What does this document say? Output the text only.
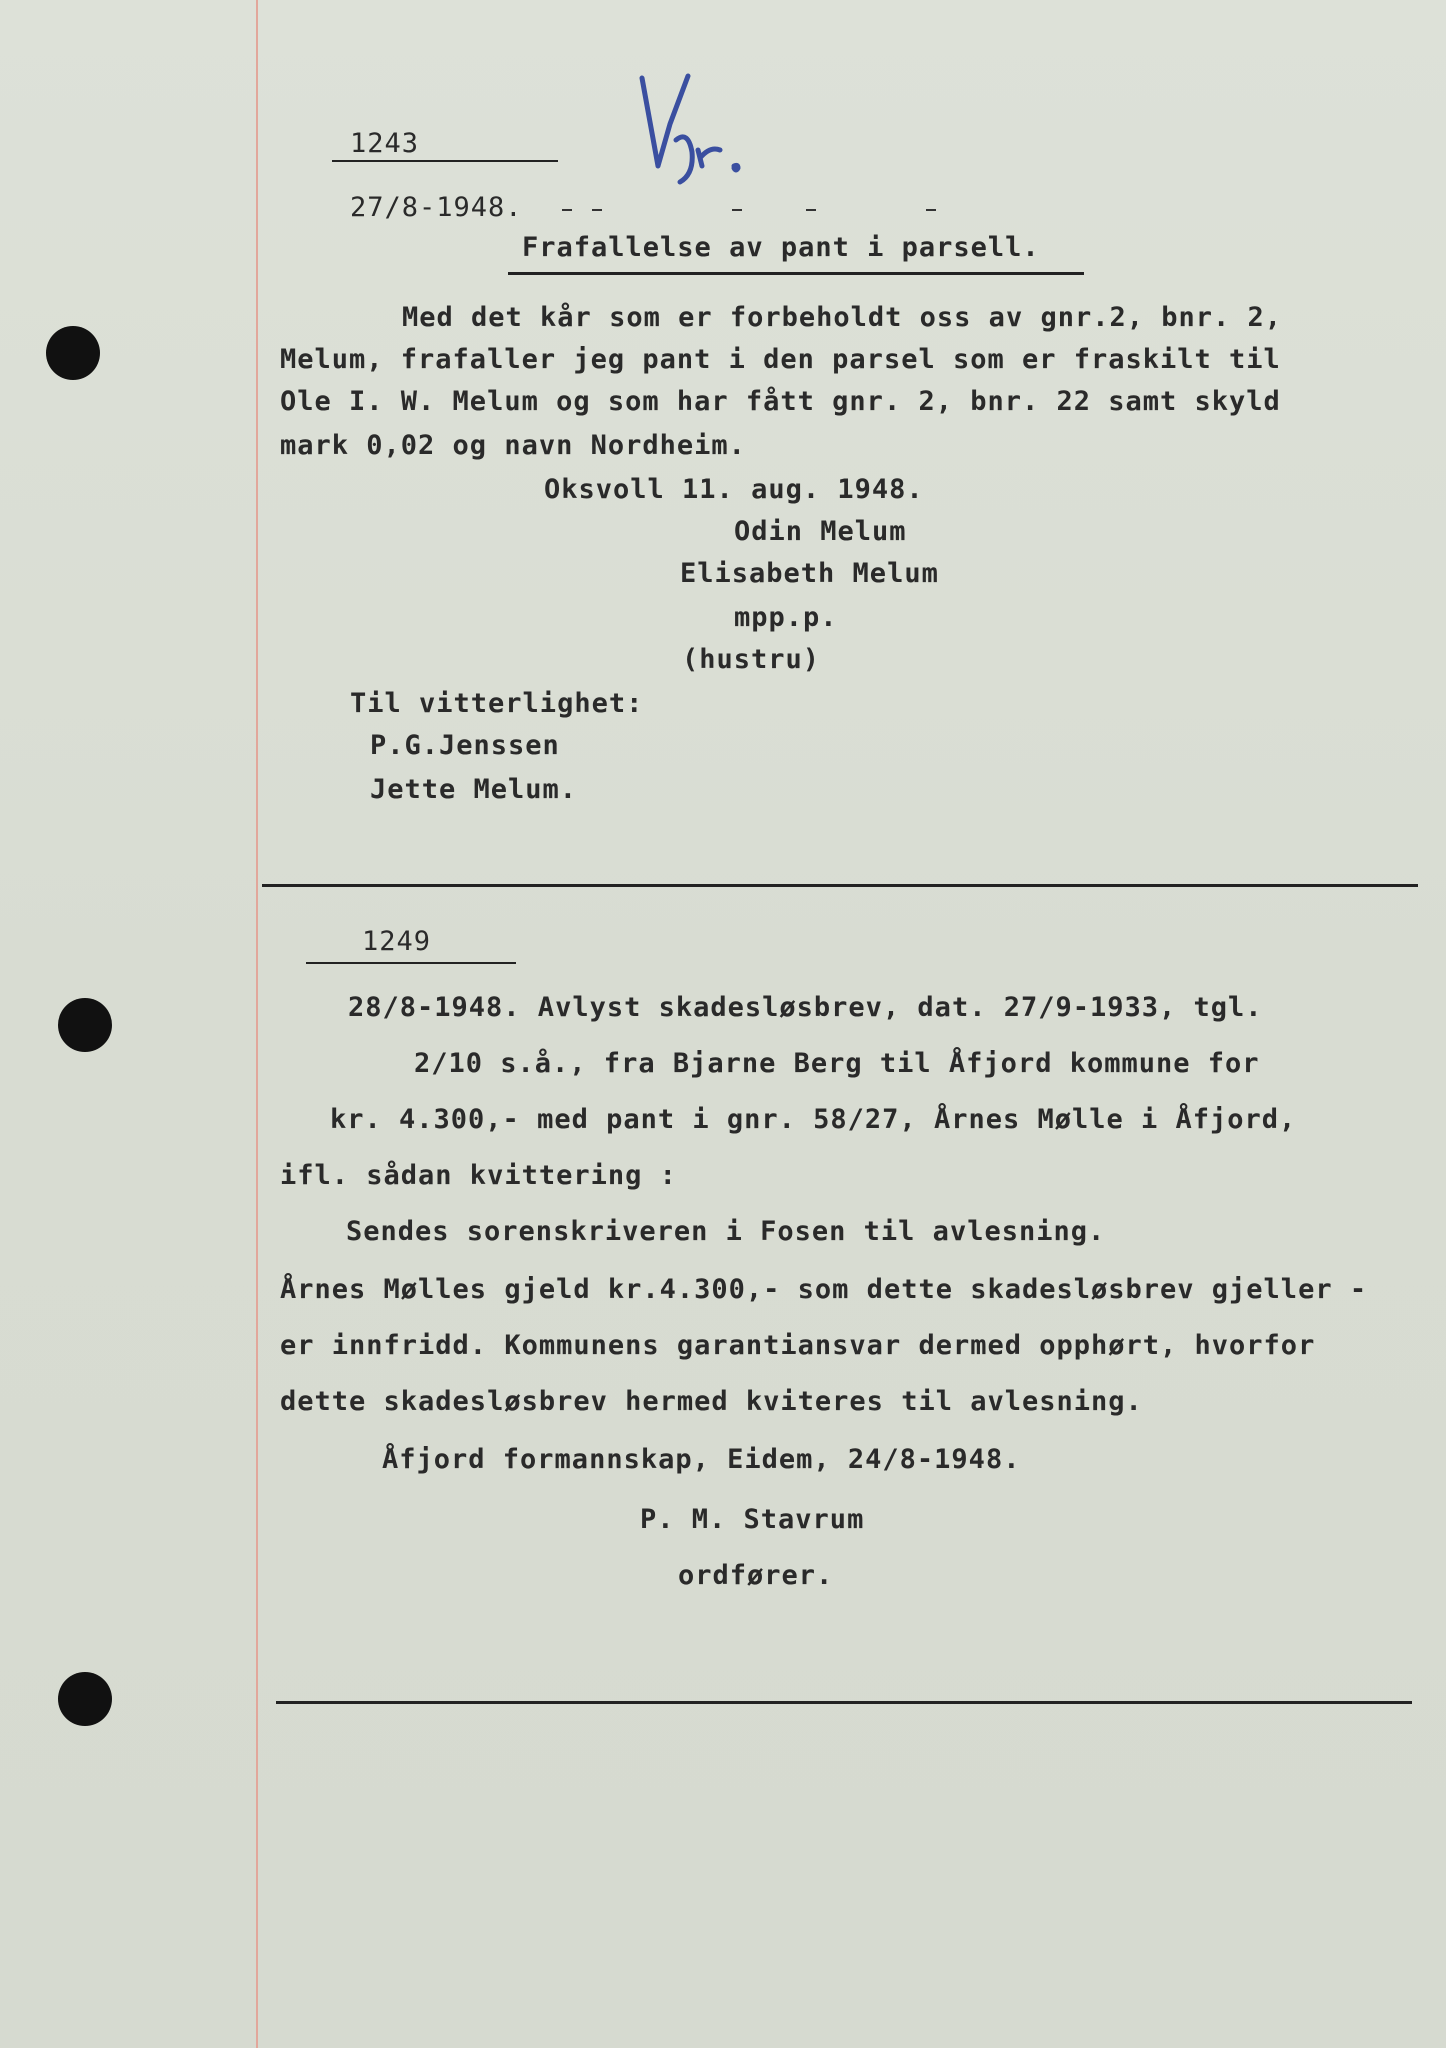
1243
27/8-1948.
Frafallelse av pant i parsell.
Med det kår som er forbeholdt oss av gnr.2, bnr. 2,
Melum, frafaller jeg pant i den parsel som er fraskilt til
Ole I. W. Melum og som har fått gnr. 2, bnr. 22 samt skyld
mark 0,02 og navn Nordheim.
Oksvoll 11. aug. 1948.
Odin Melum
Elisabeth Melum
mpp.p.
(hustru)
Til vitterlighet:
P.G.Jenssen
Jette Melum.
1249
28/8-1948. Avlyst skadesløsbrev, dat. 27/9-1933, tgl.
2/10 s.å., fra Bjarne Berg til Åfjord kommune for
kr. 4.300,- med pant i gnr. 58/27, Årnes Mølle i Åfjord,
ifl. sådan kvittering :
Sendes sorenskriveren i Fosen til avlesning.
Årnes Mølles gjeld kr.4.300,- som dette skadesløsbrev gjeller -
er innfridd. Kommunens garantiansvar dermed opphørt, hvorfor
dette skadesløsbrev hermed kviteres til avlesning.
Åfjord formannskap, Eidem, 24/8-1948.
P. M. Stavrum
ordfører.
